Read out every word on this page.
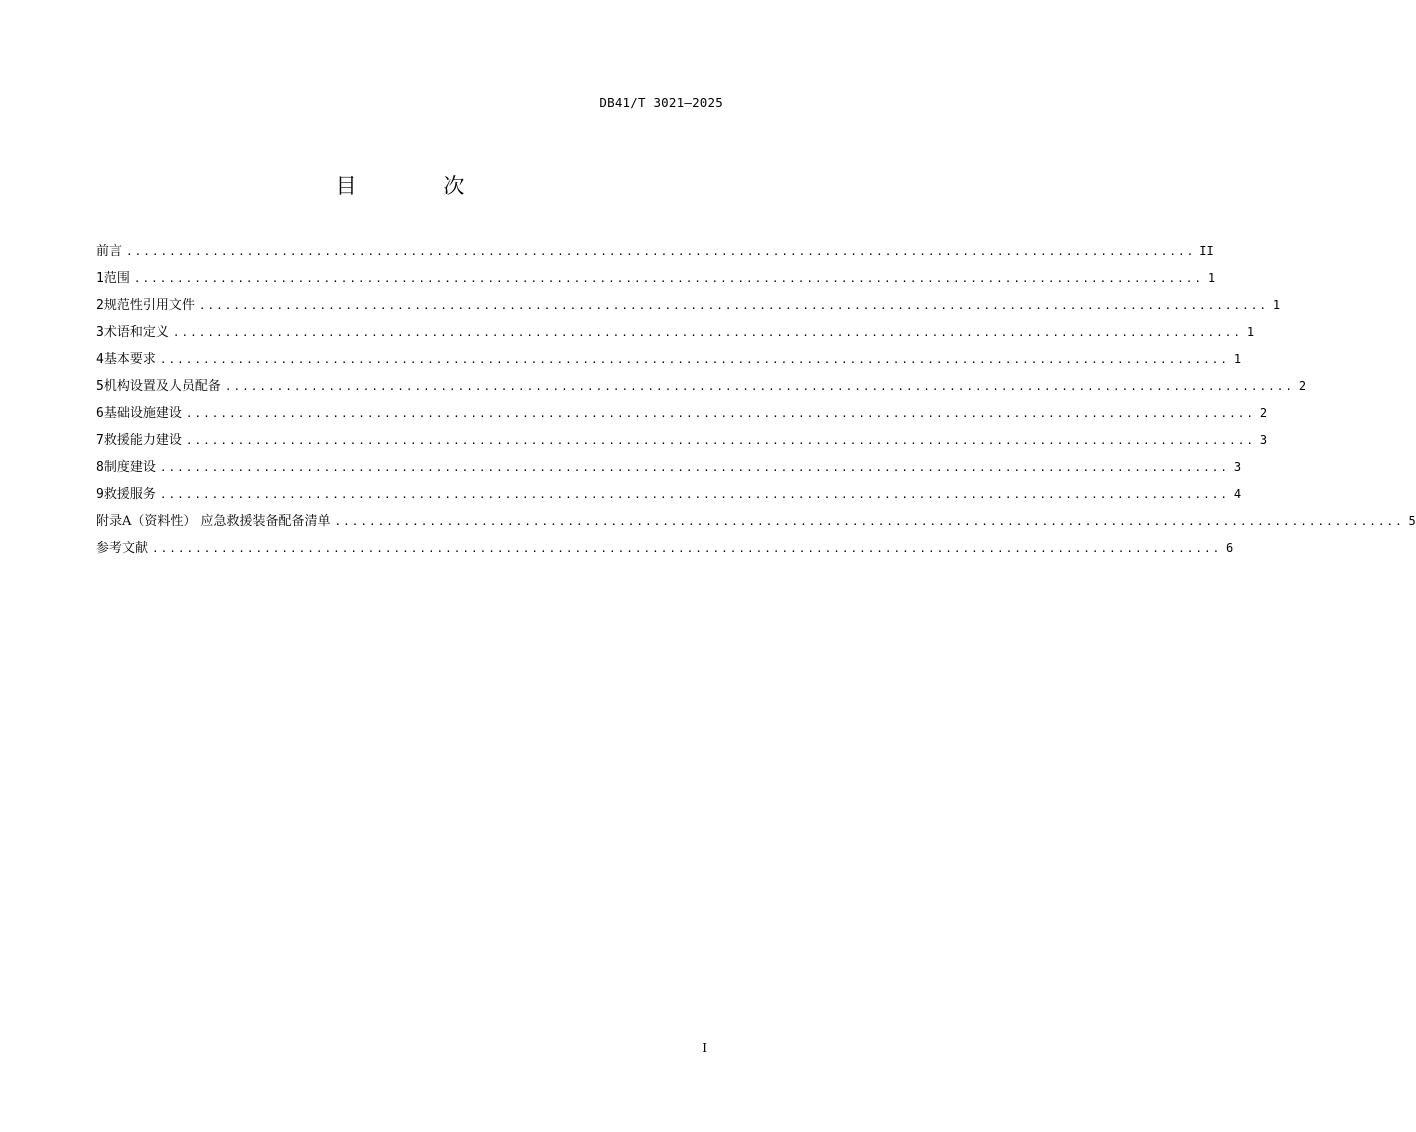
DB41/T 3021—2025
目 次
前言 ............................................................................................................................ II
1 范围 ............................................................................................................................ 1
2 规范性引用文件 ............................................................................................................................ 1
3 术语和定义 ............................................................................................................................ 1
4 基本要求 ............................................................................................................................ 1
5 机构设置及人员配备 ............................................................................................................................ 2
6 基础设施建设 ............................................................................................................................ 2
7 救援能力建设 ............................................................................................................................ 3
8 制度建设 ............................................................................................................................ 3
9 救援服务 ............................................................................................................................ 4
附录A（资料性） 应急救援装备配备清单 ............................................................................................................................ 5
参考文献 ............................................................................................................................ 6
I
